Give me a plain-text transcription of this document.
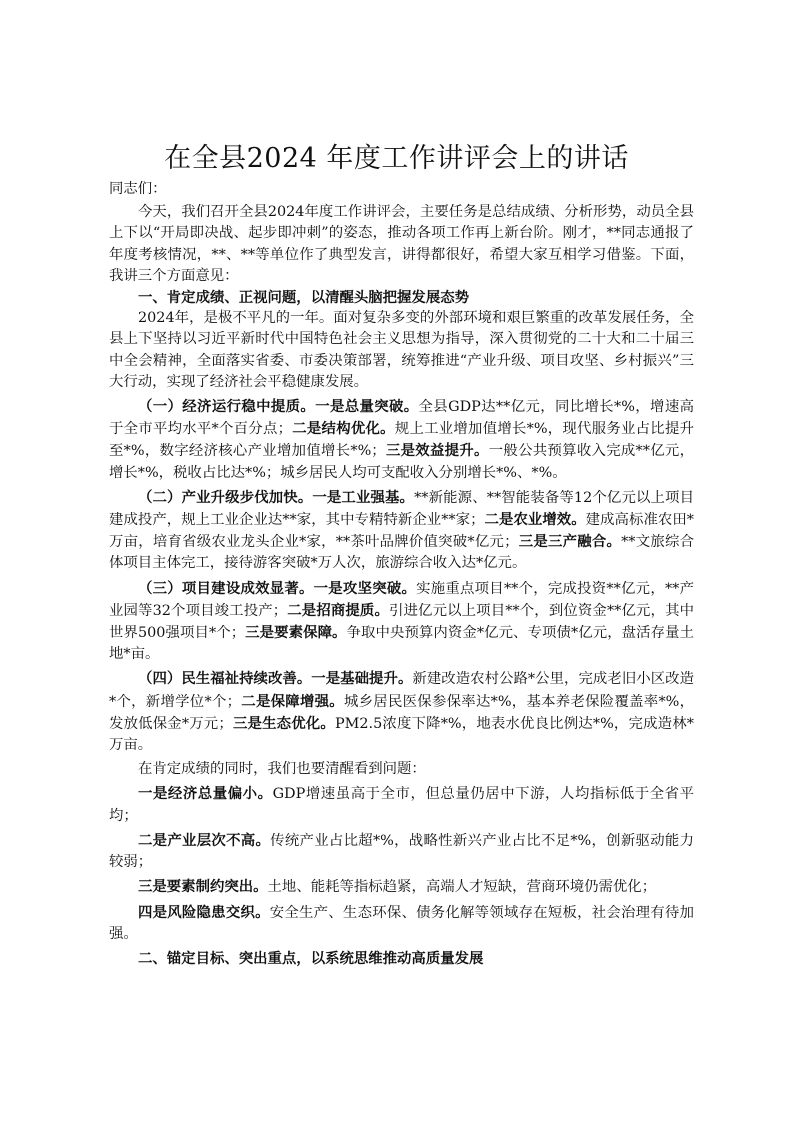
在全县2024 年度工作讲评会上的讲话

同志们：

今天，我们召开全县2024年度工作讲评会，主要任务是总结成绩、分析形势，动员全县上下以“开局即决战、起步即冲刺”的姿态，推动各项工作再上新台阶。刚才，**同志通报了年度考核情况，**、**等单位作了典型发言，讲得都很好，希望大家互相学习借鉴。下面，我讲三个方面意见：

一、肯定成绩、正视问题，以清醒头脑把握发展态势

2024年，是极不平凡的一年。面对复杂多变的外部环境和艰巨繁重的改革发展任务，全县上下坚持以习近平新时代中国特色社会主义思想为指导，深入贯彻党的二十大和二十届三中全会精神，全面落实省委、市委决策部署，统筹推进“产业升级、项目攻坚、乡村振兴”三大行动，实现了经济社会平稳健康发展。

（一）经济运行稳中提质。一是总量突破。全县GDP达**亿元，同比增长*%，增速高于全市平均水平*个百分点；二是结构优化。规上工业增加值增长*%，现代服务业占比提升至*%，数字经济核心产业增加值增长*%；三是效益提升。一般公共预算收入完成**亿元，增长*%，税收占比达*%；城乡居民人均可支配收入分别增长*%、*%。

（二）产业升级步伐加快。一是工业强基。**新能源、**智能装备等12个亿元以上项目建成投产，规上工业企业达**家，其中专精特新企业**家；二是农业增效。建成高标准农田*万亩，培育省级农业龙头企业*家，**茶叶品牌价值突破*亿元；三是三产融合。**文旅综合体项目主体完工，接待游客突破*万人次，旅游综合收入达*亿元。

（三）项目建设成效显著。一是攻坚突破。实施重点项目**个，完成投资**亿元，**产业园等32个项目竣工投产；二是招商提质。引进亿元以上项目**个，到位资金**亿元，其中世界500强项目*个；三是要素保障。争取中央预算内资金*亿元、专项债*亿元，盘活存量土地*亩。

（四）民生福祉持续改善。一是基础提升。新建改造农村公路*公里，完成老旧小区改造*个，新增学位*个；二是保障增强。城乡居民医保参保率达*%，基本养老保险覆盖率*%，发放低保金*万元；三是生态优化。PM2.5浓度下降*%，地表水优良比例达*%，完成造林*万亩。

在肯定成绩的同时，我们也要清醒看到问题：

一是经济总量偏小。GDP增速虽高于全市，但总量仍居中下游，人均指标低于全省平均；

二是产业层次不高。传统产业占比超*%，战略性新兴产业占比不足*%，创新驱动能力较弱；

三是要素制约突出。土地、能耗等指标趋紧，高端人才短缺，营商环境仍需优化；

四是风险隐患交织。安全生产、生态环保、债务化解等领域存在短板，社会治理有待加强。

二、锚定目标、突出重点，以系统思维推动高质量发展
